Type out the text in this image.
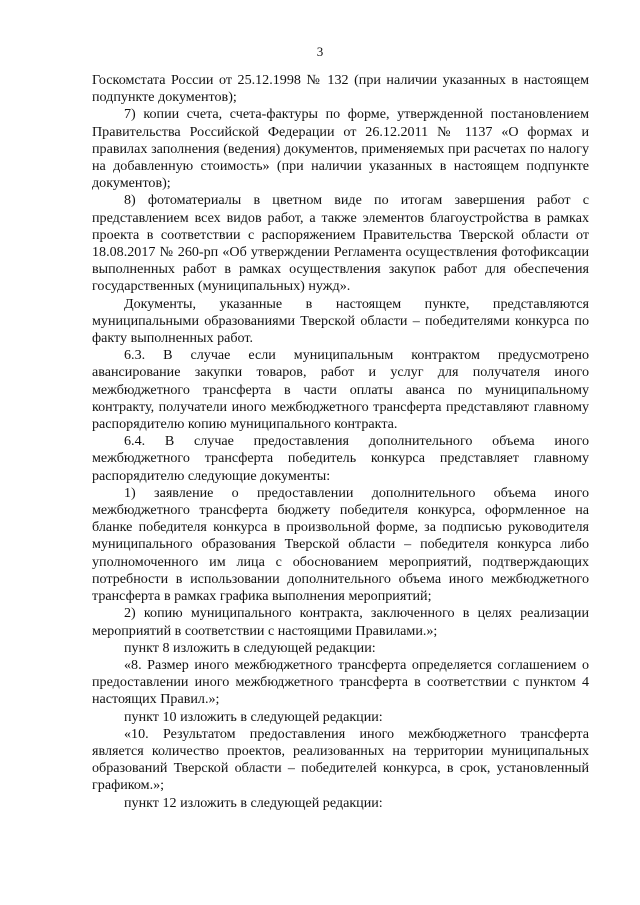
3

Госкомстата России от 25.12.1998 № 132 (при наличии указанных в настоящем подпункте документов);

7) копии счета, счета-фактуры по форме, утвержденной постановлением Правительства Российской Федерации от 26.12.2011 № 1137 «О формах и правилах заполнения (ведения) документов, применяемых при расчетах по налогу на добавленную стоимость» (при наличии указанных в настоящем подпункте документов);

8) фотоматериалы в цветном виде по итогам завершения работ с представлением всех видов работ, а также элементов благоустройства в рамках проекта в соответствии с распоряжением Правительства Тверской области от 18.08.2017 № 260-рп «Об утверждении Регламента осуществления фотофиксации выполненных работ в рамках осуществления закупок работ для обеспечения государственных (муниципальных) нужд».

Документы, указанные в настоящем пункте, представляются муниципальными образованиями Тверской области – победителями конкурса по факту выполненных работ.

6.3. В случае если муниципальным контрактом предусмотрено авансирование закупки товаров, работ и услуг для получателя иного межбюджетного трансферта в части оплаты аванса по муниципальному контракту, получатели иного межбюджетного трансферта представляют главному распорядителю копию муниципального контракта.

6.4. В случае предоставления дополнительного объема иного межбюджетного трансферта победитель конкурса представляет главному распорядителю следующие документы:

1) заявление о предоставлении дополнительного объема иного межбюджетного трансферта бюджету победителя конкурса, оформленное на бланке победителя конкурса в произвольной форме, за подписью руководителя муниципального образования Тверской области – победителя конкурса либо уполномоченного им лица с обоснованием мероприятий, подтверждающих потребности в использовании дополнительного объема иного межбюджетного трансферта в рамках графика выполнения мероприятий;

2) копию муниципального контракта, заключенного в целях реализации мероприятий в соответствии с настоящими Правилами.»;

пункт 8 изложить в следующей редакции:

«8. Размер иного межбюджетного трансферта определяется соглашением о предоставлении иного межбюджетного трансферта в соответствии с пунктом 4 настоящих Правил.»;

пункт 10 изложить в следующей редакции:

«10. Результатом предоставления иного межбюджетного трансферта является количество проектов, реализованных на территории муниципальных образований Тверской области – победителей конкурса, в срок, установленный графиком.»;

пункт 12 изложить в следующей редакции:
